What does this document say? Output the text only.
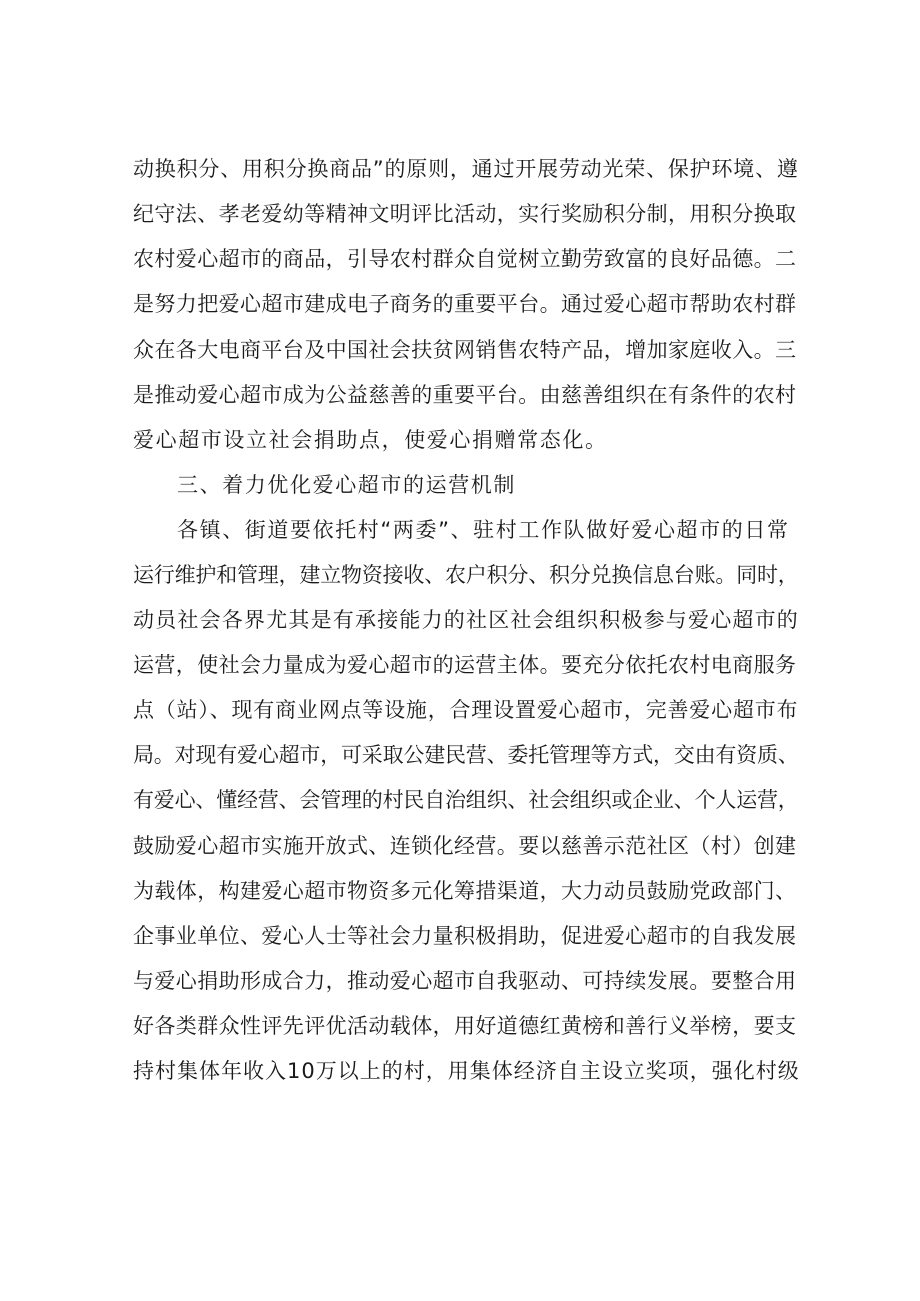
动换积分、用积分换商品”的原则，通过开展劳动光荣、保护环境、遵
纪守法、孝老爱幼等精神文明评比活动，实行奖励积分制，用积分换取
农村爱心超市的商品，引导农村群众自觉树立勤劳致富的良好品德。二
是努力把爱心超市建成电子商务的重要平台。通过爱心超市帮助农村群
众在各大电商平台及中国社会扶贫网销售农特产品，增加家庭收入。三
是推动爱心超市成为公益慈善的重要平台。由慈善组织在有条件的农村
爱心超市设立社会捐助点，使爱心捐赠常态化。
三、着力优化爱心超市的运营机制
各镇、街道要依托村“两委”、驻村工作队做好爱心超市的日常
运行维护和管理，建立物资接收、农户积分、积分兑换信息台账。同时，
动员社会各界尤其是有承接能力的社区社会组织积极参与爱心超市的
运营，使社会力量成为爱心超市的运营主体。要充分依托农村电商服务
点（站）、现有商业网点等设施，合理设置爱心超市，完善爱心超市布
局。对现有爱心超市，可采取公建民营、委托管理等方式，交由有资质、
有爱心、懂经营、会管理的村民自治组织、社会组织或企业、个人运营，
鼓励爱心超市实施开放式、连锁化经营。要以慈善示范社区（村）创建
为载体，构建爱心超市物资多元化筹措渠道，大力动员鼓励党政部门、
企事业单位、爱心人士等社会力量积极捐助，促进爱心超市的自我发展
与爱心捐助形成合力，推动爱心超市自我驱动、可持续发展。要整合用
好各类群众性评先评优活动载体，用好道德红黄榜和善行义举榜，要支
持村集体年收入10万以上的村，用集体经济自主设立奖项，强化村级
